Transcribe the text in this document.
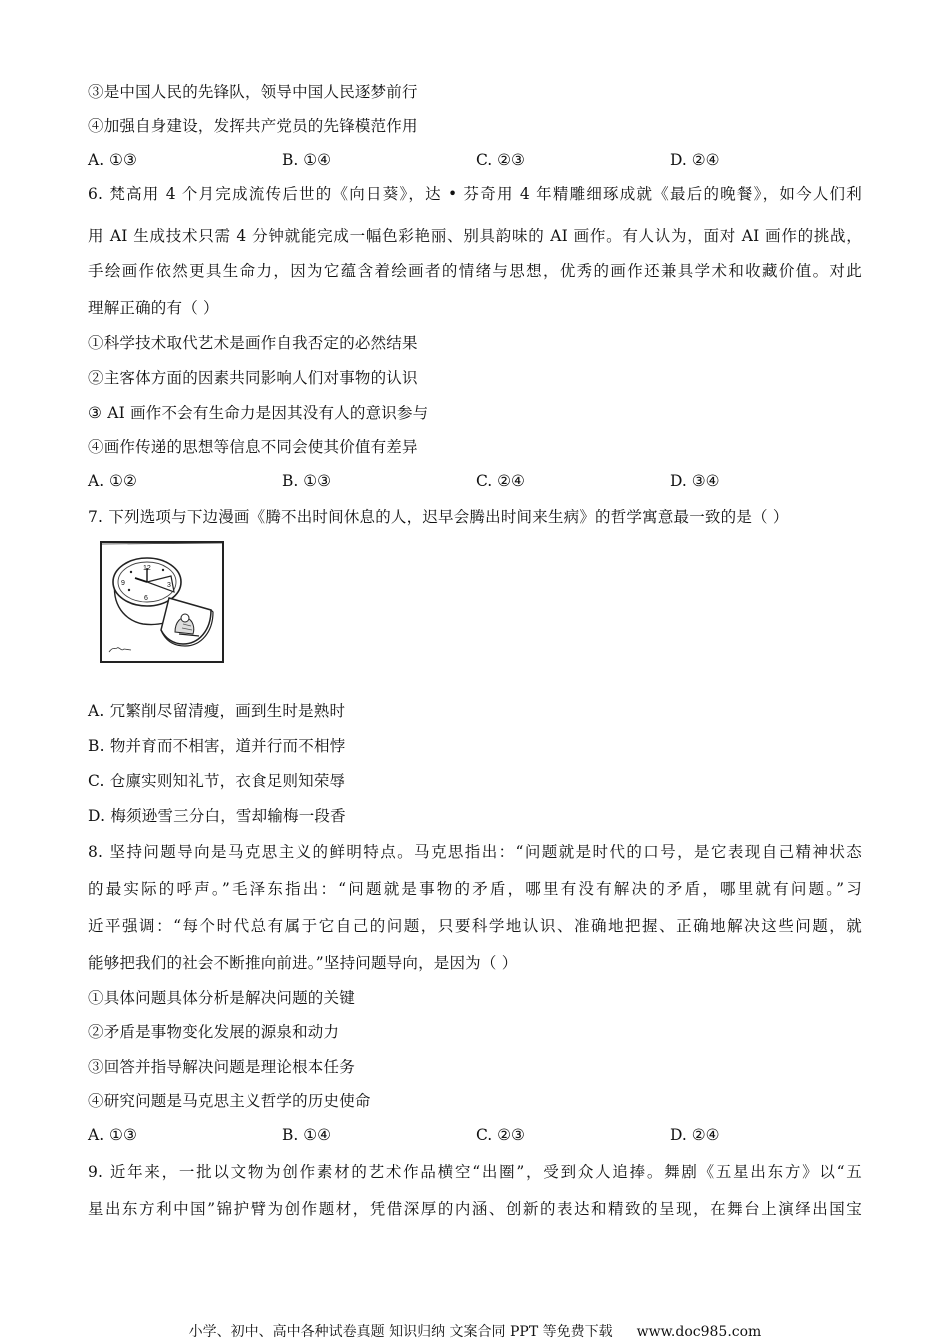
③是中国人民的先锋队，领导中国人民逐梦前行
④加强自身建设，发挥共产党员的先锋模范作用
A. ①③	B. ①④	C. ②③	D. ②④
6. 梵高用 4 个月完成流传后世的《向日葵》，达 • 芬奇用 4 年精雕细琢成就《最后的晚餐》，如今人们利
用 AI 生成技术只需 4 分钟就能完成一幅色彩艳丽、别具韵味的 AI 画作。有人认为，面对 AI 画作的挑战，
手绘画作依然更具生命力，因为它蕴含着绘画者的情绪与思想，优秀的画作还兼具学术和收藏价值。对此
理解正确的有（ ）
①科学技术取代艺术是画作自我否定的必然结果
②主客体方面的因素共同影响人们对事物的认识
③ AI 画作不会有生命力是因其没有人的意识参与
④画作传递的思想等信息不同会使其价值有差异
A. ①②	B. ①③	C. ②④	D. ③④
7. 下列选项与下边漫画《腾不出时间休息的人，迟早会腾出时间来生病》的哲学寓意最一致的是（ ）
12
9	3
6
A. 冗繁削尽留清瘦，画到生时是熟时
B. 物并育而不相害，道并行而不相悖
C. 仓廪实则知礼节，衣食足则知荣辱
D. 梅须逊雪三分白，雪却输梅一段香
8. 坚持问题导向是马克思主义的鲜明特点。马克思指出：“问题就是时代的口号，是它表现自己精神状态
的最实际的呼声。”毛泽东指出：“问题就是事物的矛盾，哪里有没有解决的矛盾，哪里就有问题。”习
近平强调：“每个时代总有属于它自己的问题，只要科学地认识、准确地把握、正确地解决这些问题，就
能够把我们的社会不断推向前进。”坚持问题导向，是因为（ ）
①具体问题具体分析是解决问题的关键
②矛盾是事物变化发展的源泉和动力
③回答并指导解决问题是理论根本任务
④研究问题是马克思主义哲学的历史使命
A. ①③	B. ①④	C. ②③	D. ②④
9. 近年来，一批以文物为创作素材的艺术作品横空“出圈”，受到众人追捧。舞剧《五星出东方》以“五
星出东方利中国”锦护臂为创作题材，凭借深厚的内涵、创新的表达和精致的呈现，在舞台上演绎出国宝
小学、初中、高中各种试卷真题 知识归纳 文案合同 PPT 等免费下载 www.doc985.com
